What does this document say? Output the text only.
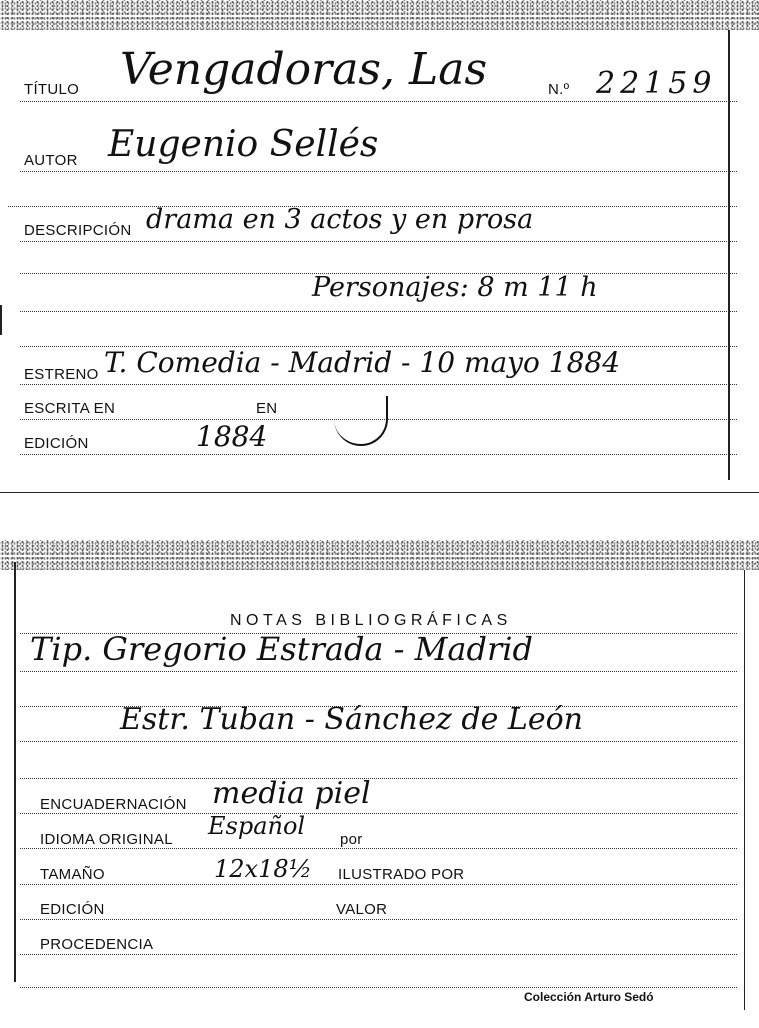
TÍTULO Vengadoras, Las	N.º 22159
AUTOR Eugenio Sellés
DESCRIPCIÓN drama en 3 actos y en prosa
Personajes: 8 m 11 h
ESTRENO T. Comedia - Madrid - 10 mayo 1884
ESCRITA EN	EN
EDICIÓN	1884
NOTAS BIBLIOGRÁFICAS
Tip. Gregorio Estrada - Madrid
Estr. Tuban - Sánchez de León
ENCUADERNACIÓN media piel
IDIOMA ORIGINAL Español por
TAMAÑO	12x18½ ILUSTRADO POR
EDICIÓN	VALOR
PROCEDENCIA
Colección Arturo Sedó
